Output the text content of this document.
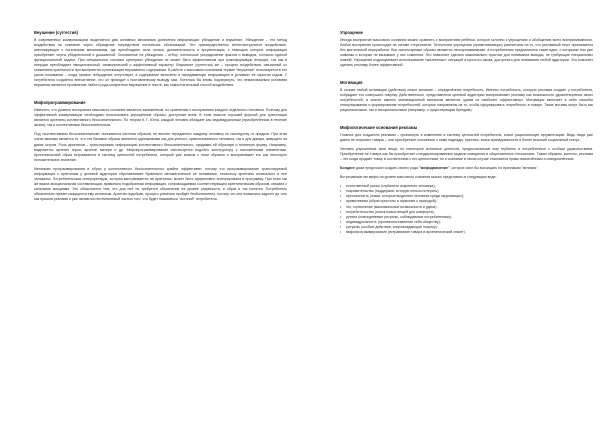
Внушение (суггестия)

В современных коммуникациях выделяется два основных механизма донесения информации: убеждение и внушение. Убеждение – это метод воздействия на сознание через обращение посредством логических обоснований. Это преимущественно интеллектуальное воздействие, апеллирующее к логическим механизмам, где преобладают сила логики, доказательность и аргументация, с помощью которых информация приобретает черты убедительной и доказанной. Основанное на убеждении – отбор, логическое упорядочение фактов и выводов, согласно единой функциональной задаче. При специальных силовых критериях убеждения не может быть эффективным при трансформации инерции, так как в инерции преобладает эмоциональный, символический и аффективный характер. Внушение (суггестия) же – процесс воздействия, связанный со снижением критичности при восприятии и реализации внушаемого содержания. В работе с массовым сознанием термин "внушение" используется в его узком понимании – когда прямое побуждение отсутствует, а содержание включено в передаваемую информацию в условиях ее скрытия кодом. У потребителя создаётся впечатление, что он приходит к поставленному выводу сам. Хотелось бы вновь подчеркнуть, что немаловажным условием внушения является проявление любого рода конкретное выражение в тексте, как самостоятельный способ воздействия.

Мифопрограммирование

Известно, что уровень восприятия массового сознания является заниженным, по сравнению с восприятием каждого отдельного человека. Поэтому для эффективной коммуникации необходимо использовать упрощённые образы, доступные всем. В этом смысле хорошей формой для трансляции является архетипы коллективного бессознательного. По теории К. Г. Юнга, каждый человек обладает как индивидуальным (приобретённым в течение жизни), так и коллективным бессознательным.

Под «коллективным бессознательным» понимается система образов, не вполне переданных каждому человеку по наследству от предков. При этом очень важным является то, что эти базовые образы являются одинаковыми как для ученого, цивилизованного человека, так и для дикаря, живущего на дикие остров. Роль архетипов – транслировать информацию коллективного бессознательного, придавая ей образную и понятную форму. Например, выделяется архетип героя, архетип матери и др. Мифопрограммирование используется подобно конструктору с наложенными элементами. Архетипический образ встраивается в систему ценностей потребителя, который уже знаком с этим образом и воспринимает его как некоторое положительное значение.

Механизм программирования в образ у коллективного бессознательного крайне эффективен, потому что программирование транслируемой информации к архетипам у целевой аудитории обуславливает буквально автоматическое ее понимание, поскольку архетипы изначально в нее заложены. Потребительская интерпретация, которая выстраивается на архетипах, может быть эффективно интегрирована в программу. При этом так же важна эмоциональная составляющая: правильно подобранная информация, сопровождаемая соответствующим архетипическим образом, связана с сильными эмоциями. Это объясняется тем, что для неё не требуется объяснения на уровне разумности, а образ и так понятен. Потребитель обязательно примет кажущееся ему истинным. Архетип подобран, процесс усвоения пройдёт безболезненно, потому что они появились задолго до того как пришла реклама и уже являются неотъемлемой частью того, что будет называться "истиной" потребителя.

Упрощение

Иногда восприятие массового сознания можно сравнить с восприятием ребёнка, которое склонно к упрощению и обобщению всего воспринимаемого. Любое восприятие происходит на основе стереотипов. Технологии упрощения (примитивизации) рассчитаны на то, что рекламный текст принимается без критической переработки. Все используемые образы являются легкоузнаваемыми, а потребителям предлагаются такие идеи, с которыми они уже знакомы и которые не вызывают у них сомнения. Это позволяет сделать максимально простые для понимания выводы, не требующие специальных знаний. Упрощение подразумевает использование «жизненных» ситуаций и простого языка, доступного для понимания любой аудитории. Это помогает сделать рекламу более эффективной.

Мотивация

В основе любой мотивации (действия) лежит желание – определённая потребность. Именно потребность, которую реклама создаёт у потребителя, побуждает его совершить покупку. Действительно, представители целевой аудитории воспринимают рекламу как возможность удовлетворения своих потребностей, а значит именно мотивационный механизм является одним из наиболее эффективных. Мотивация включает в себя способы стимулирования и формирования потребностей, которые направлены на то, чтобы сформировать потребность в товаре. Такие мотивы могут быть как рациональными, так и эмоциональными (например, к существующим брендам).

Мифологические основания рекламы

Главное для создателя рекламы – проникнуть в изменение в систему ценностей потребителя, иначе рациональную аргументацию. Ведь люди уже давно не покупают товары – они приобретают сознанные с ними надежды, престиж, знаки принадлежности и более высокий социальный статус.

Человек улучшенные свои вещи, но некоторые истинные ценности, предпочитаемые ему глубинно и потребленные с особым удовольствием. Приобретение не товара как бы приобретает стандартизированные модели поведения в общественных отношениях. Таким образом, конечно, реклама – это когда продаёт товар в соответствии с его ценностями, но и сознание в таком случае становится прямо вовлечённым и осведомлённым.

Болдинг даже предложил создать своего рода "мифодвижение", которое смог бы восхищать по признакам "величия".

Встречаемые им мифы на уровне массового сознания можно представить в следующем виде:

• естественный рынок (глубинное искреннее человека);
• покровительство (поддержка, которую нельзя потерять);
• престижность (знаки, которые выделяют человека среди окружающих);
• примитивизм (образ простоты и гармонии с природой);
• эго, стремление (максимальные возможности и удачи);
• потребительство (поиск новых вещей для комфорта);
• рутина (повседневные ритуалы, соблюдаемые потребителями);
• индивидуальность (противопоставление себя обществу);
• ритуалы (особые действия, сопровождающие покупку);
• мифопрограммирование (встраивание товара в архетипический сюжет).
